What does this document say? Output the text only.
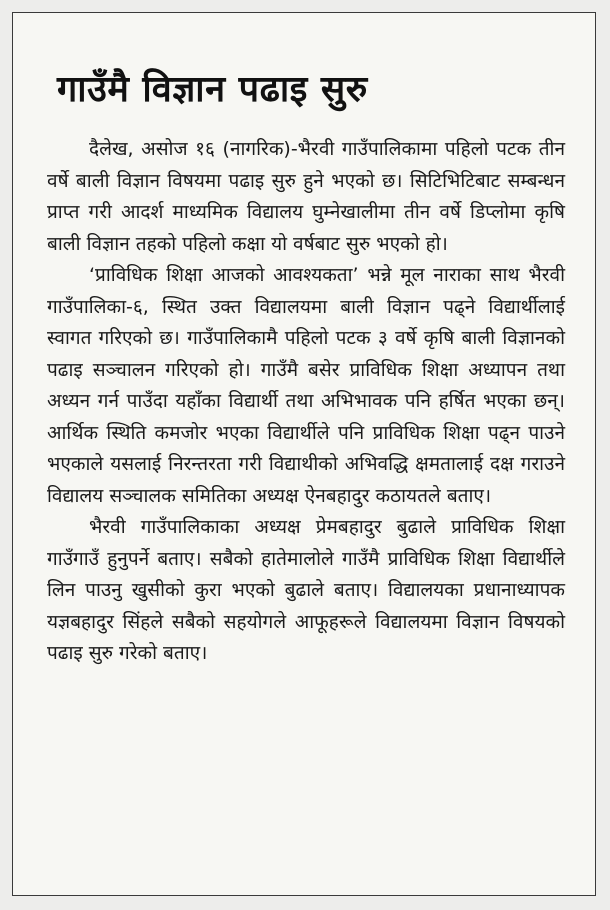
गाउँमै विज्ञान पढाइ सुरु

दैलेख, असोज १६ (नागरिक)-भैरवी गाउँपालिकामा पहिलो पटक तीन वर्षे बाली विज्ञान विषयमा पढाइ सुरु हुने भएको छ। सिटिभिटिबाट सम्बन्धन प्राप्त गरी आदर्श माध्यमिक विद्यालय घुम्नेखालीमा तीन वर्षे डिप्लोमा कृषि बाली विज्ञान तहको पहिलो कक्षा यो वर्षबाट सुरु भएको हो।

‘प्राविधिक शिक्षा आजको आवश्यकता’ भन्ने मूल नाराका साथ भैरवी गाउँपालिका-६, स्थित उक्त विद्यालयमा बाली विज्ञान पढ्ने विद्यार्थीलाई स्वागत गरिएको छ। गाउँपालिकामै पहिलो पटक ३ वर्षे कृषि बाली विज्ञानको पढाइ सञ्चालन गरिएको हो। गाउँमै बसेर प्राविधिक शिक्षा अध्यापन तथा अध्यन गर्न पाउँदा यहाँका विद्यार्थी तथा अभिभावक पनि हर्षित भएका छन्। आर्थिक स्थिति कमजोर भएका विद्यार्थीले पनि प्राविधिक शिक्षा पढ्न पाउने भएकाले यसलाई निरन्तरता गरी विद्याथीको अभिवद्धि क्षमतालाई दक्ष गराउने विद्यालय सञ्चालक समितिका अध्यक्ष ऐनबहादुर कठायतले बताए।

भैरवी गाउँपालिकाका अध्यक्ष प्रेमबहादुर बुढाले प्राविधिक शिक्षा गाउँगाउँ हुनुपर्ने बताए। सबैको हातेमालोले गाउँमै प्राविधिक शिक्षा विद्यार्थीले लिन पाउनु खुसीको कुरा भएको बुढाले बताए। विद्यालयका प्रधानाध्यापक यज्ञबहादुर सिंहले सबैको सहयोगले आफूहरूले विद्यालयमा विज्ञान विषयको पढाइ सुरु गरेको बताए।
